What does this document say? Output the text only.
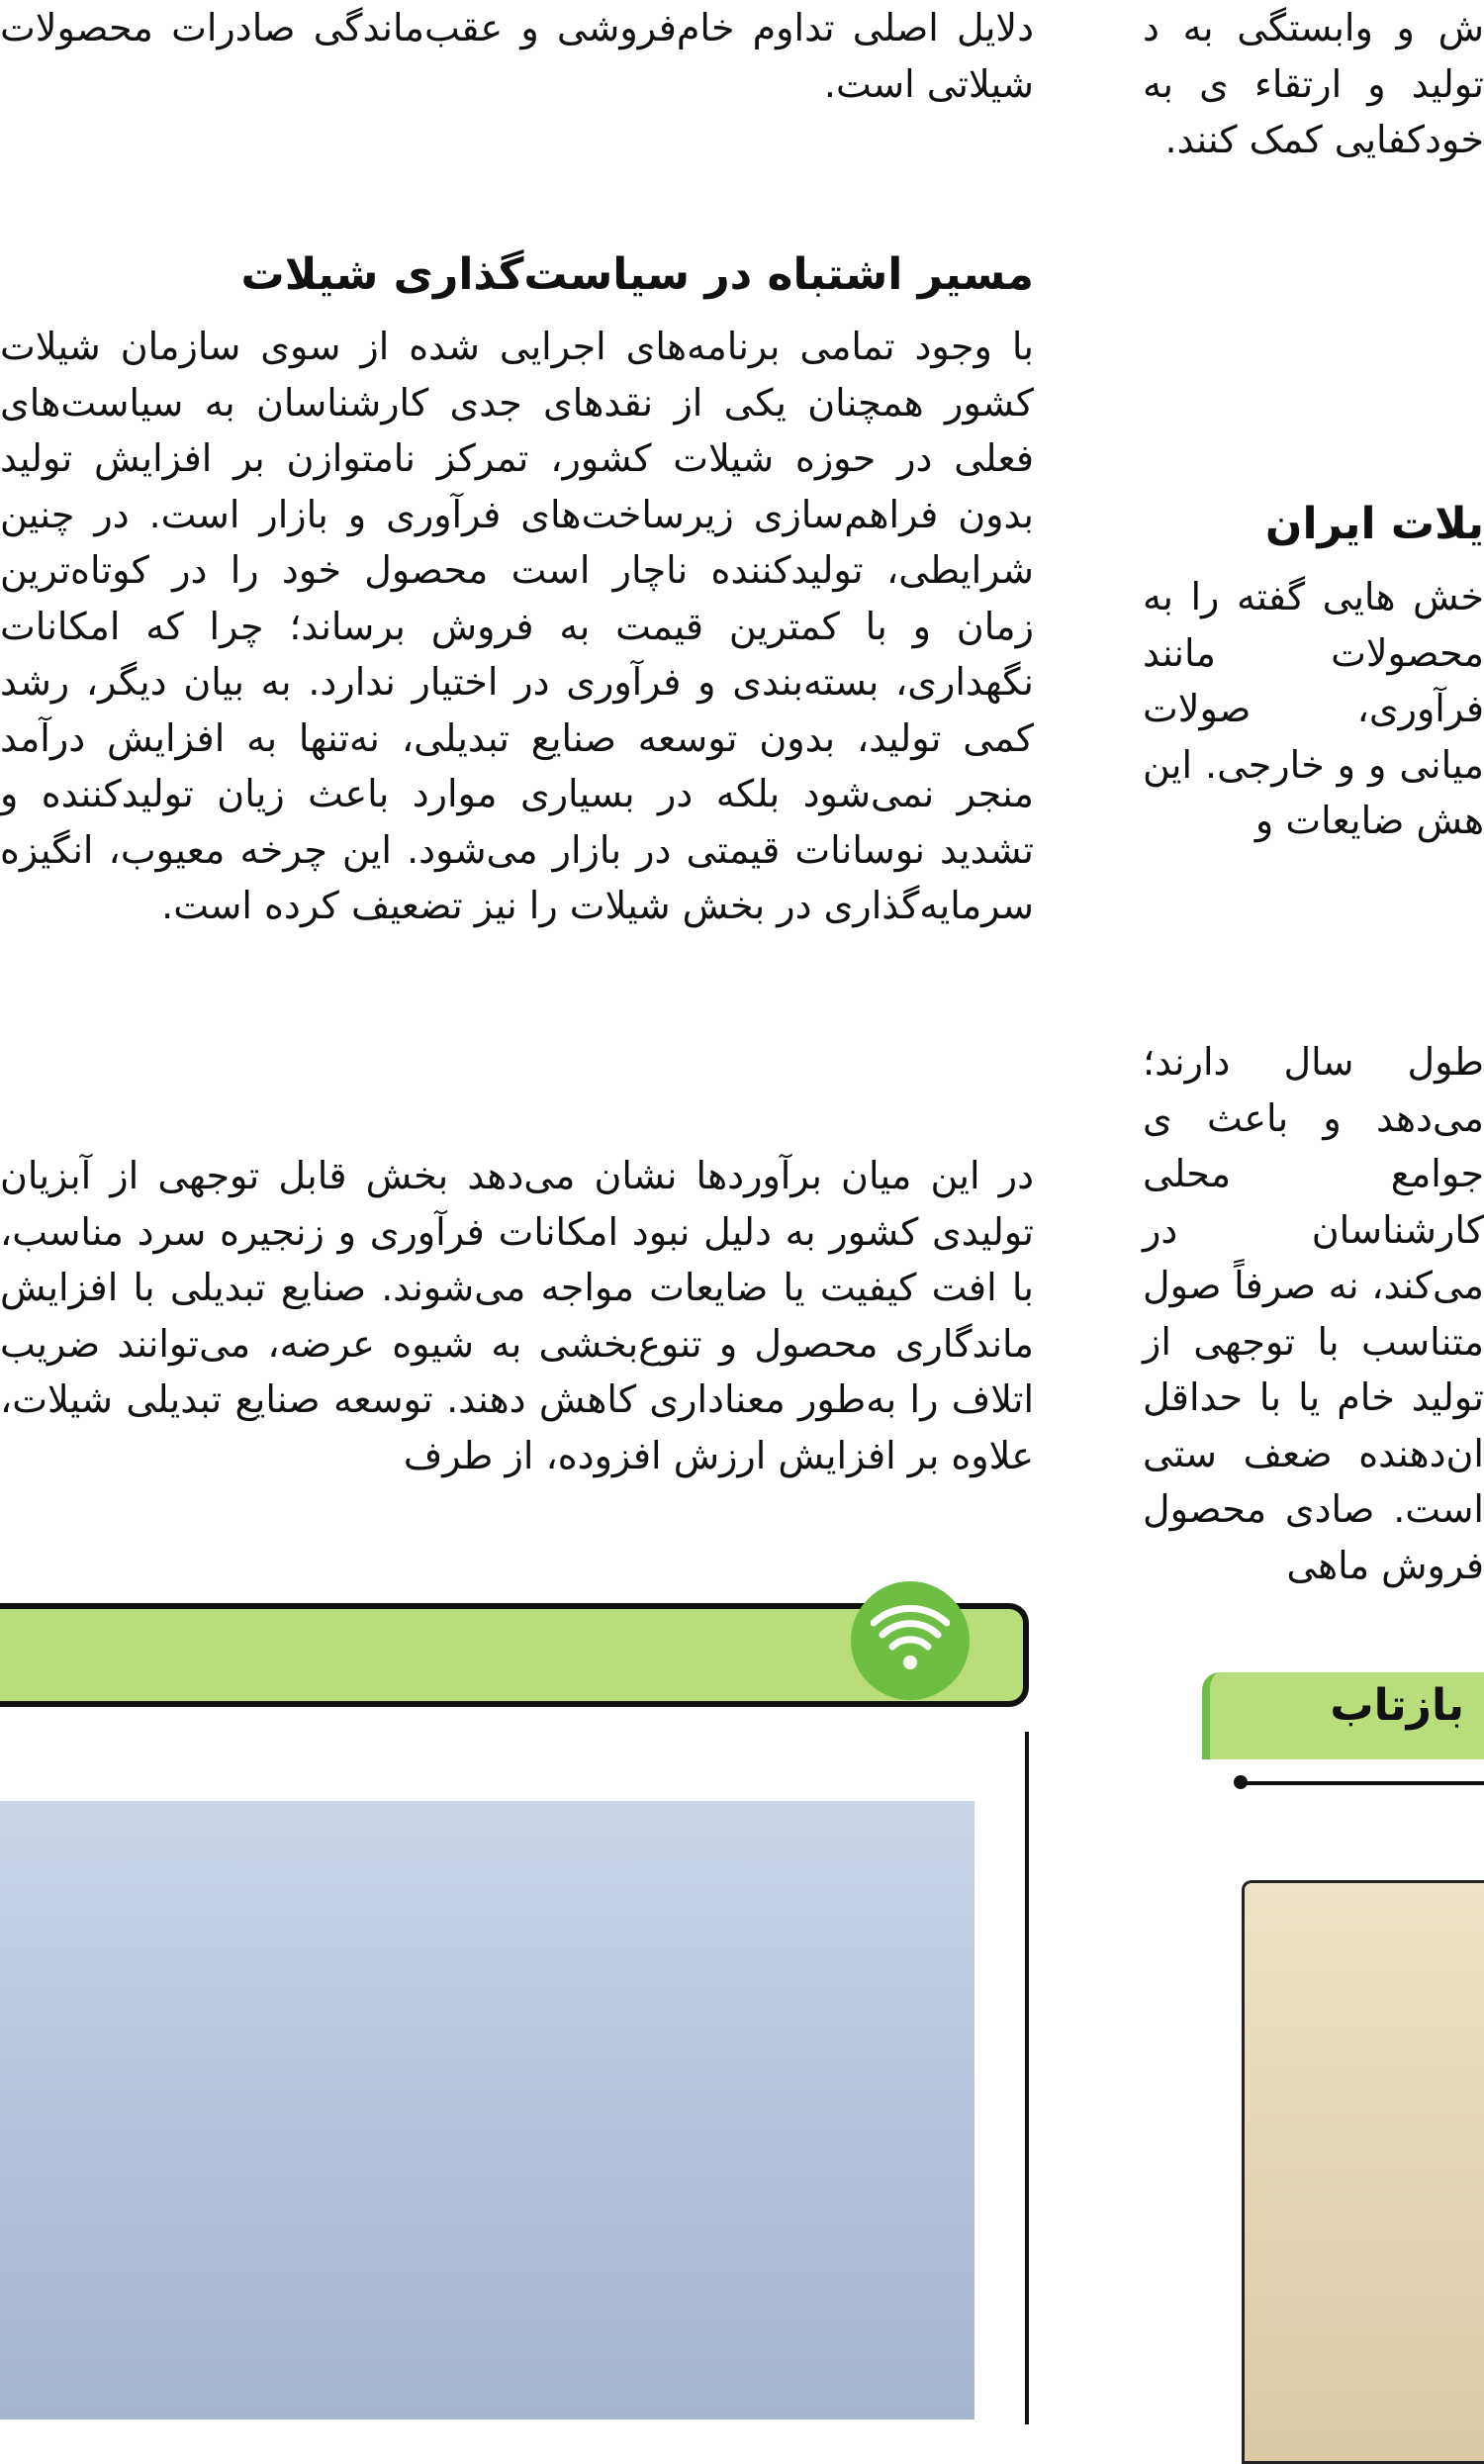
دلایل اصلی تداوم خام‌فروشی و عقب‌ماندگی صادرات محصولات شیلاتی است.

مسیر اشتباه در سیاست‌گذاری شیلات

با وجود تمامی برنامه‌های اجرایی شده از سوی سازمان شیلات کشور همچنان یکی از نقدهای جدی کارشناسان به سیاست‌های فعلی در حوزه شیلات کشور، تمرکز نامتوازن بر افزایش تولید بدون فراهم‌سازی زیرساخت‌های فرآوری و بازار است. در چنین شرایطی، تولیدکننده ناچار است محصول خود را در کوتاه‌ترین زمان و با کمترین قیمت به فروش برساند؛ چرا که امکانات نگهداری، بسته‌بندی و فرآوری در اختیار ندارد. به بیان دیگر، رشد کمی تولید، بدون توسعه صنایع تبدیلی، نه‌تنها به افزایش درآمد منجر نمی‌شود بلکه در بسیاری موارد باعث زیان تولیدکننده و تشدید نوسانات قیمتی در بازار می‌شود. این چرخه معیوب، انگیزه سرمایه‌گذاری در بخش شیلات را نیز تضعیف کرده است.

در این میان برآوردها نشان می‌دهد بخش قابل توجهی از آبزیان تولیدی کشور به دلیل نبود امکانات فرآوری و زنجیره سرد مناسب، با افت کیفیت یا ضایعات مواجه می‌شوند. صنایع تبدیلی با افزایش ماندگاری محصول و تنوع‌بخشی به شیوه عرضه، می‌توانند ضریب اتلاف را به‌طور معناداری کاهش دهند. توسعه صنایع تبدیلی شیلات، علاوه بر افزایش ارزش افزوده، از طرف

ش و وابستگی به د تولید و ارتقاء ی به خودکفایی کمک کنند.

یلات ایران

خش هایی گفته را به محصولات مانند فرآوری، صولات میانی و و خارجی. این هش ضایعات و

طول سال دارند؛ می‌دهد و باعث ی جوامع محلی کارشناسان در می‌کند، نه صرفاً صول متناسب با توجهی از تولید خام یا با حداقل ان‌دهنده ضعف ستی است. صادی محصول فروش ماهی

بازتاب
